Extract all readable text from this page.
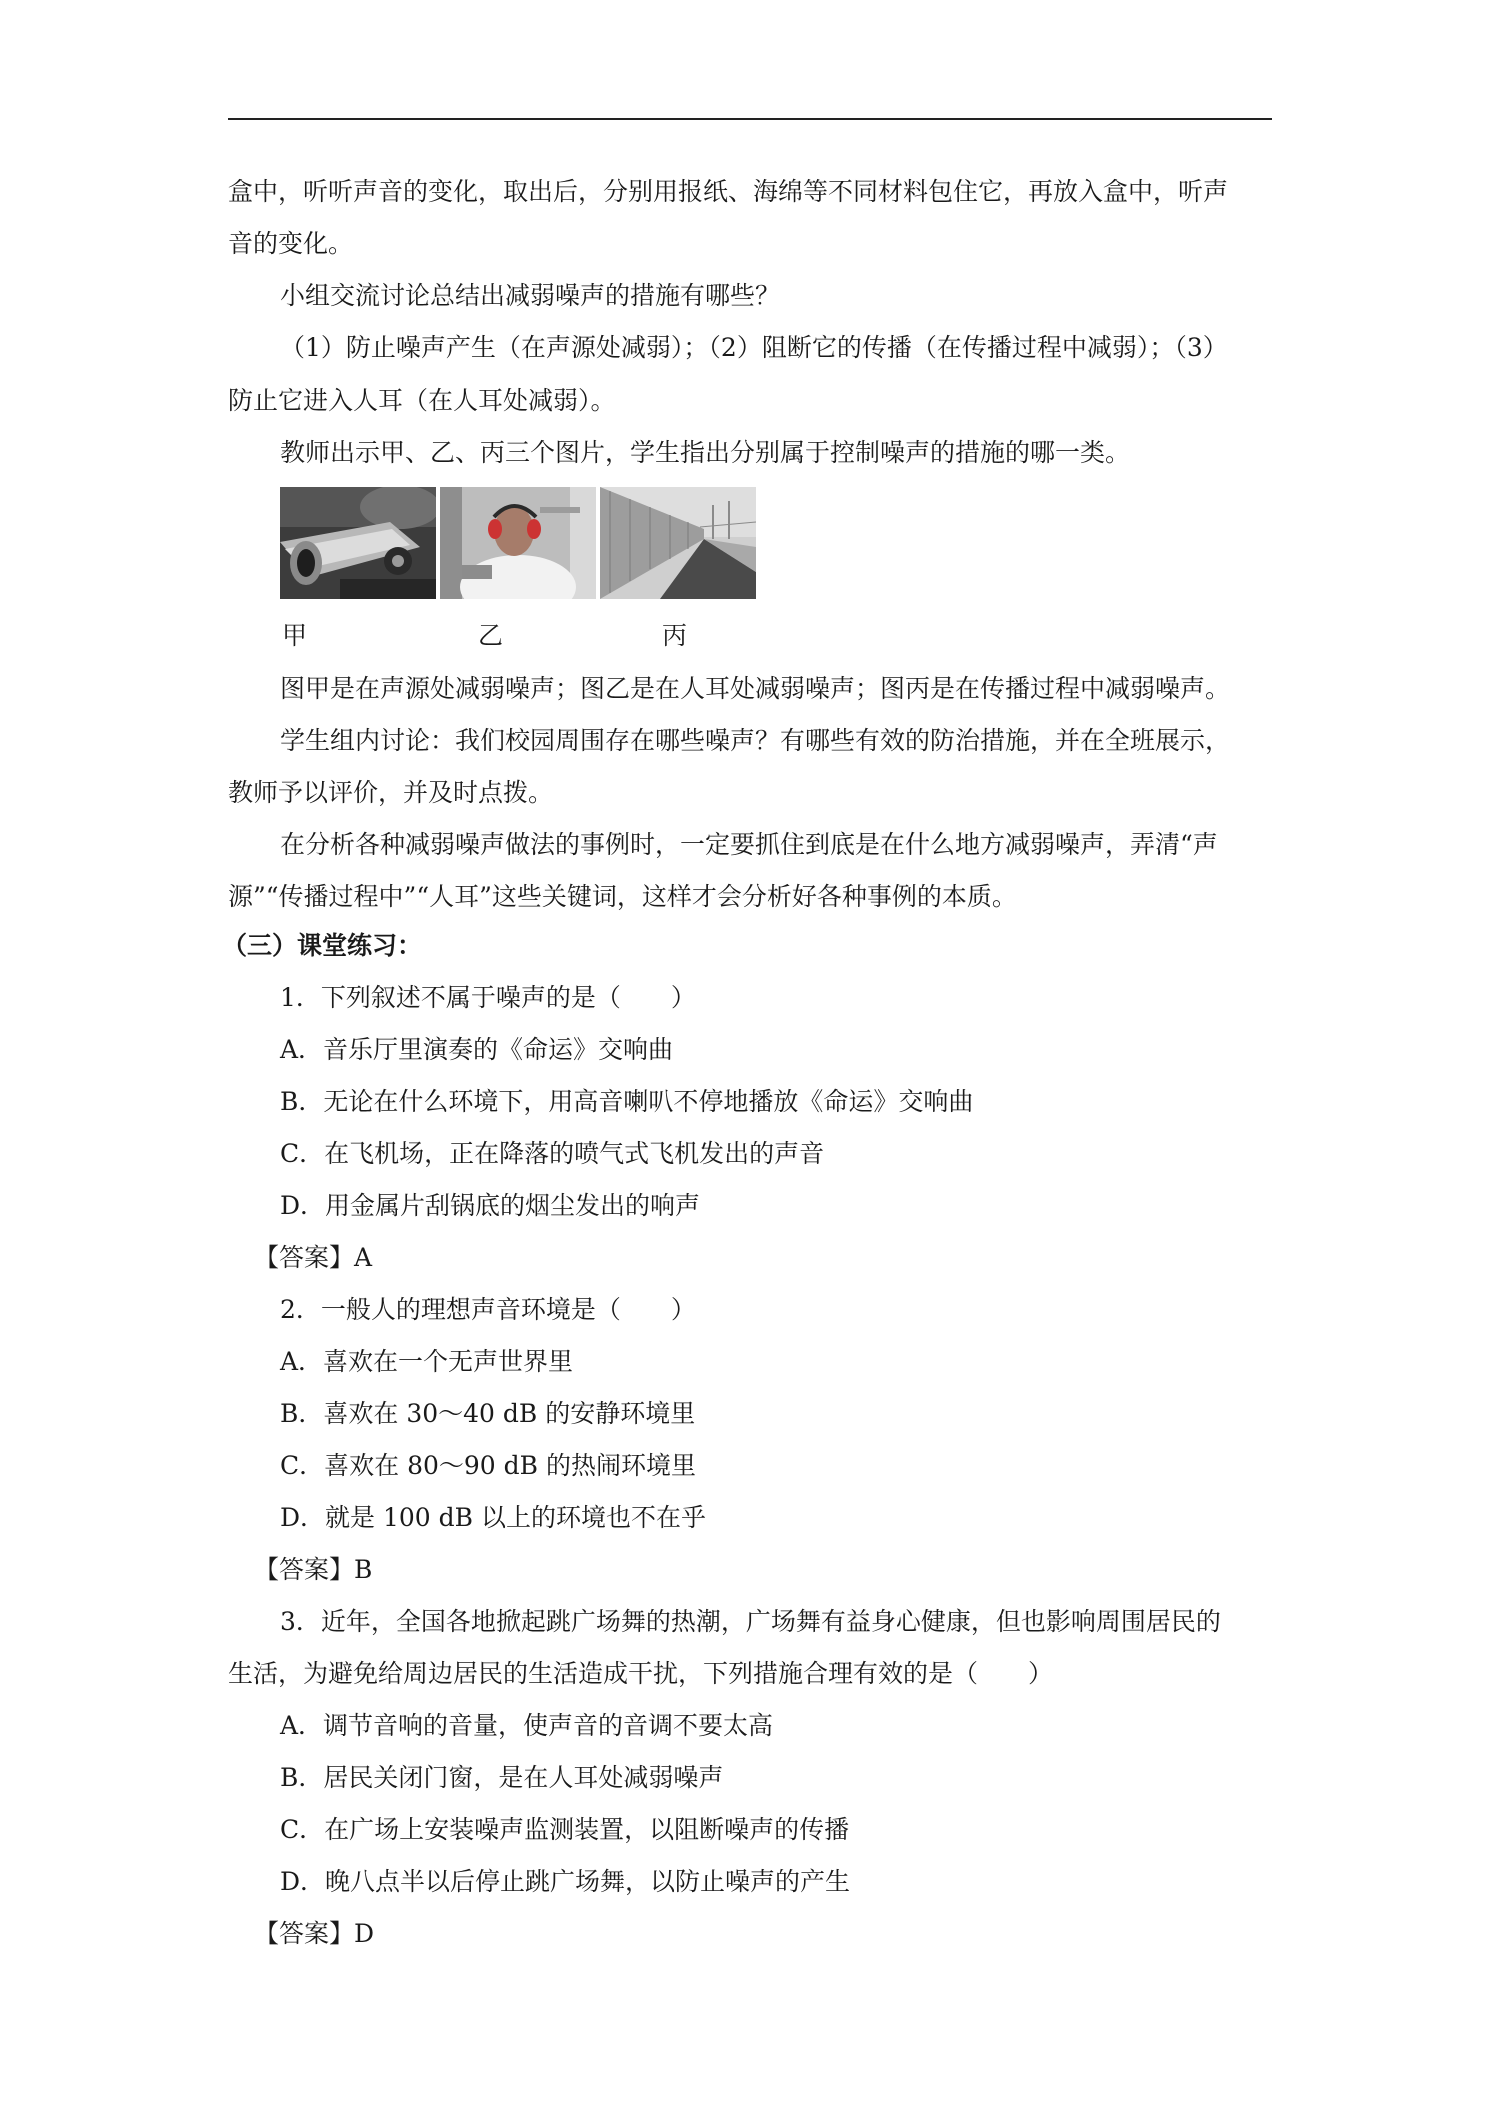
盒中，听听声音的变化，取出后，分别用报纸、海绵等不同材料包住它，再放入盒中，听声
音的变化。
小组交流讨论总结出减弱噪声的措施有哪些？
（1）防止噪声产生（在声源处减弱）；（2）阻断它的传播（在传播过程中减弱）；（3）
防止它进入人耳（在人耳处减弱）。
教师出示甲、乙、丙三个图片，学生指出分别属于控制噪声的措施的哪一类。
甲	乙	丙
图甲是在声源处减弱噪声；图乙是在人耳处减弱噪声；图丙是在传播过程中减弱噪声。
学生组内讨论：我们校园周围存在哪些噪声？有哪些有效的防治措施，并在全班展示，
教师予以评价，并及时点拨。
在分析各种减弱噪声做法的事例时，一定要抓住到底是在什么地方减弱噪声，弄清“声
源”“传播过程中”“人耳”这些关键词，这样才会分析好各种事例的本质。
（三）课堂练习：
1．下列叙述不属于噪声的是（　　）
A．音乐厅里演奏的《命运》交响曲
B．无论在什么环境下，用高音喇叭不停地播放《命运》交响曲
C．在飞机场，正在降落的喷气式飞机发出的声音
D．用金属片刮锅底的烟尘发出的响声
【答案】A
2．一般人的理想声音环境是（　　）
A．喜欢在一个无声世界里
B．喜欢在 30～40 dB 的安静环境里
C．喜欢在 80～90 dB 的热闹环境里
D．就是 100 dB 以上的环境也不在乎
【答案】B
3．近年，全国各地掀起跳广场舞的热潮，广场舞有益身心健康，但也影响周围居民的
生活，为避免给周边居民的生活造成干扰，下列措施合理有效的是（　　）
A．调节音响的音量，使声音的音调不要太高
B．居民关闭门窗，是在人耳处减弱噪声
C．在广场上安装噪声监测装置，以阻断噪声的传播
D．晚八点半以后停止跳广场舞，以防止噪声的产生
【答案】D
